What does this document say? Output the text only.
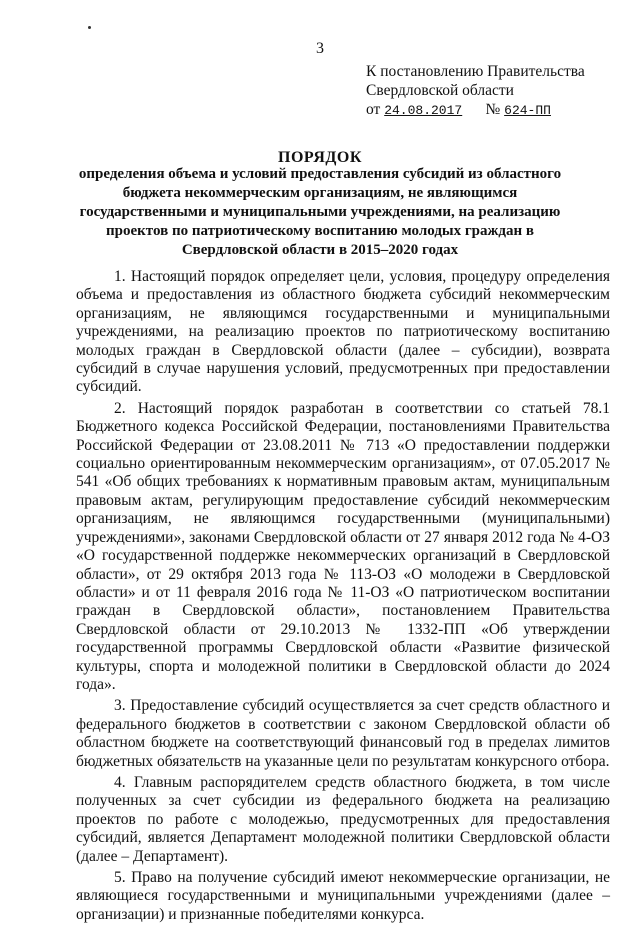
3
К постановлению Правительства
Свердловской области
от 24.08.2017 № 624-ПП
ПОРЯДОК
определения объема и условий предоставления субсидий из областного бюджета некоммерческим организациям, не являющимся государственными и муниципальными учреждениями, на реализацию проектов по патриотическому воспитанию молодых граждан в Свердловской области в 2015–2020 годах

1. Настоящий порядок определяет цели, условия, процедуру определения объема и предоставления из областного бюджета субсидий некоммерческим организациям, не являющимся государственными и муниципальными учреждениями, на реализацию проектов по патриотическому воспитанию молодых граждан в Свердловской области (далее – субсидии), возврата субсидий в случае нарушения условий, предусмотренных при предоставлении субсидий.

2. Настоящий порядок разработан в соответствии со статьей 78.1 Бюджетного кодекса Российской Федерации, постановлениями Правительства Российской Федерации от 23.08.2011 № 713 «О предоставлении поддержки социально ориентированным некоммерческим организациям», от 07.05.2017 № 541 «Об общих требованиях к нормативным правовым актам, муниципальным правовым актам, регулирующим предоставление субсидий некоммерческим организациям, не являющимся государственными (муниципальными) учреждениями», законами Свердловской области от 27 января 2012 года № 4-ОЗ «О государственной поддержке некоммерческих организаций в Свердловской области», от 29 октября 2013 года № 113-ОЗ «О молодежи в Свердловской области» и от 11 февраля 2016 года № 11-ОЗ «О патриотическом воспитании граждан в Свердловской области», постановлением Правительства Свердловской области от 29.10.2013 № 1332-ПП «Об утверждении государственной программы Свердловской области «Развитие физической культуры, спорта и молодежной политики в Свердловской области до 2024 года».

3. Предоставление субсидий осуществляется за счет средств областного и федерального бюджетов в соответствии с законом Свердловской области об областном бюджете на соответствующий финансовый год в пределах лимитов бюджетных обязательств на указанные цели по результатам конкурсного отбора.

4. Главным распорядителем средств областного бюджета, в том числе полученных за счет субсидии из федерального бюджета на реализацию проектов по работе с молодежью, предусмотренных для предоставления субсидий, является Департамент молодежной политики Свердловской области (далее – Департамент).

5. Право на получение субсидий имеют некоммерческие организации, не являющиеся государственными и муниципальными учреждениями (далее – организации) и признанные победителями конкурса.
